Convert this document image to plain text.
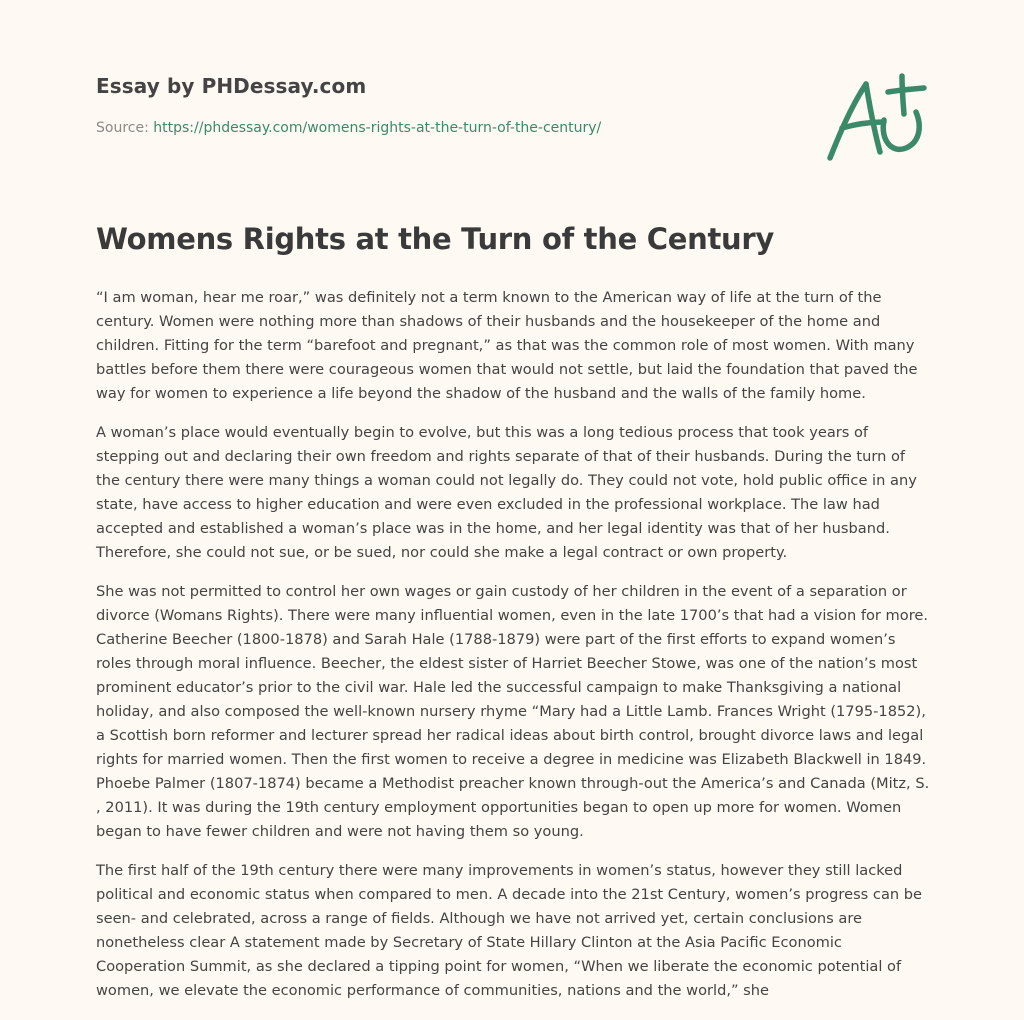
Essay by PHDessay.com
Source: https://phdessay.com/womens-rights-at-the-turn-of-the-century/
Womens Rights at the Turn of the Century

“I am woman, hear me roar,” was definitely not a term known to the American way of life at the turn of the century. Women were nothing more than shadows of their husbands and the housekeeper of the home and children. Fitting for the term “barefoot and pregnant,” as that was the common role of most women. With many battles before them there were courageous women that would not settle, but laid the foundation that paved the way for women to experience a life beyond the shadow of the husband and the walls of the family home.

A woman’s place would eventually begin to evolve, but this was a long tedious process that took years of stepping out and declaring their own freedom and rights separate of that of their husbands. During the turn of the century there were many things a woman could not legally do. They could not vote, hold public office in any state, have access to higher education and were even excluded in the professional workplace. The law had accepted and established a woman’s place was in the home, and her legal identity was that of her husband. Therefore, she could not sue, or be sued, nor could she make a legal contract or own property.

She was not permitted to control her own wages or gain custody of her children in the event of a separation or divorce (Womans Rights). There were many influential women, even in the late 1700’s that had a vision for more. Catherine Beecher (1800-1878) and Sarah Hale (1788-1879) were part of the first efforts to expand women’s roles through moral influence. Beecher, the eldest sister of Harriet Beecher Stowe, was one of the nation’s most prominent educator’s prior to the civil war. Hale led the successful campaign to make Thanksgiving a national holiday, and also composed the well-known nursery rhyme “Mary had a Little Lamb. Frances Wright (1795-1852), a Scottish born reformer and lecturer spread her radical ideas about birth control, brought divorce laws and legal rights for married women. Then the first women to receive a degree in medicine was Elizabeth Blackwell in 1849. Phoebe Palmer (1807-1874) became a Methodist preacher known through-out the America’s and Canada (Mitz, S. , 2011). It was during the 19th century employment opportunities began to open up more for women. Women began to have fewer children and were not having them so young.

The first half of the 19th century there were many improvements in women’s status, however they still lacked political and economic status when compared to men. A decade into the 21st Century, women’s progress can be seen- and celebrated, across a range of fields. Although we have not arrived yet, certain conclusions are nonetheless clear A statement made by Secretary of State Hillary Clinton at the Asia Pacific Economic Cooperation Summit, as she declared a tipping point for women, “When we liberate the economic potential of women, we elevate the economic performance of communities, nations and the world,” she
